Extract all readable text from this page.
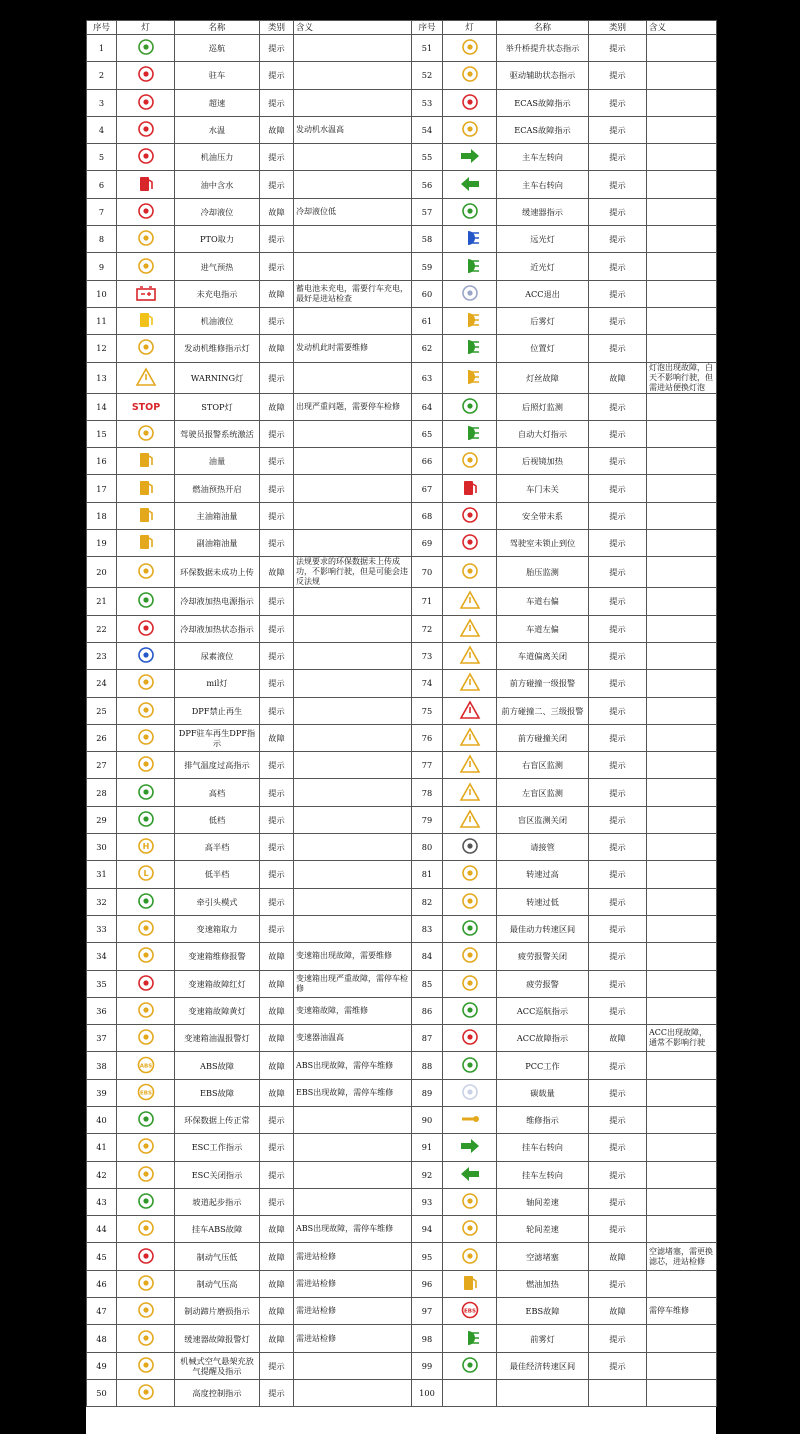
序号	灯	名称	类别	含义	序号	灯	名称	类别	含义
1		巡航	提示		51		举升桥提升状态指示	提示	
2		驻车	提示		52		驱动辅助状态指示	提示	
3		超速	提示		53		ECAS故障指示	提示	
4		水温	故障	发动机水温高	54		ECAS故障指示	提示	
5		机油压力	提示		55		主车左转向	提示	
6		油中含水	提示		56		主车右转向	提示	
7		冷却液位	故障	冷却液位低	57		缓速器指示	提示	
8		PTO取力	提示		58		远光灯	提示	
9		进气预热	提示		59		近光灯	提示	
10		未充电指示	故障	蓄电池未充电，需要行车充电，最好是进站检查	60		ACC退出	提示	
11		机油液位	提示		61		后雾灯	提示	
12		发动机维修指示灯	故障	发动机此时需要维修	62		位置灯	提示	
13		WARNING灯	提示		63		灯丝故障	故障	灯泡出现故障，白天不影响行驶，但需进站便换灯泡
14	STOP	STOP灯	故障	出现严重问题，需要停车检修	64		后照灯监测	提示	
15		驾驶员报警系统激活	提示		65		自动大灯指示	提示	
16		油量	提示		66		后视镜加热	提示	
17		燃油预热开启	提示		67		车门未关	提示	
18		主油箱油量	提示		68		安全带未系	提示	
19		副油箱油量	提示		69		驾驶室未锁止到位	提示	
20		环保数据未成功上传	故障	法规要求的环保数据未上传成功，不影响行驶，但是可能会违反法规	70		胎压监测	提示	
21		冷却液加热电源指示	提示		71		车道右偏	提示	
22		冷却液加热状态指示	提示		72		车道左偏	提示	
23		尿素液位	提示		73		车道偏离关闭	提示	
24		mil灯	提示		74		前方碰撞一级报警	提示	
25		DPF禁止再生	提示		75		前方碰撞二、三级报警	提示	
26		DPF驻车再生DPF指示	故障		76		前方碰撞关闭	提示	
27		排气温度过高指示	提示		77		右盲区监测	提示	
28		高档	提示		78		左盲区监测	提示	
29		低档	提示		79		盲区监测关闭	提示	
30	H	高半档	提示		80		请接管	提示	
31	L	低半档	提示		81		转速过高	提示	
32		牵引头模式	提示		82		转速过低	提示	
33		变速箱取力	提示		83		最佳动力转速区间	提示	
34		变速箱维修报警	故障	变速箱出现故障，需要维修	84		疲劳报警关闭	提示	
35		变速箱故障红灯	故障	变速箱出现严重故障，需停车检修	85		疲劳报警	提示	
36		变速箱故障黄灯	故障	变速箱故障，需维修	86		ACC巡航指示	提示	
37		变速箱油温报警灯	故障	变速器油温高	87		ACC故障指示	故障	ACC出现故障，通常不影响行驶
38	ABS	ABS故障	故障	ABS出现故障，需停车维修	88		PCC工作	提示	
39	EBS	EBS故障	故障	EBS出现故障，需停车维修	89		碳载量	提示	
40		环保数据上传正常	提示		90		维修指示	提示	
41		ESC工作指示	提示		91		挂车右转向	提示	
42		ESC关闭指示	提示		92		挂车左转向	提示	
43		坡道起步指示	提示		93		轴间差速	提示	
44		挂车ABS故障	故障	ABS出现故障，需停车维修	94		轮间差速	提示	
45		制动气压低	故障	需进站检修	95		空滤堵塞	故障	空滤堵塞，需更换滤芯，进站检修
46		制动气压高	故障	需进站检修	96		燃油加热	提示	
47		制动蹄片磨损指示	故障	需进站检修	97	EBS	EBS故障	故障	需停车维修
48		缓速器故障报警灯	故障	需进站检修	98		前雾灯	提示	
49		机械式空气悬架充放气提醒及指示	提示		99		最佳经济转速区间	提示	
50		高度控制指示	提示		100				
